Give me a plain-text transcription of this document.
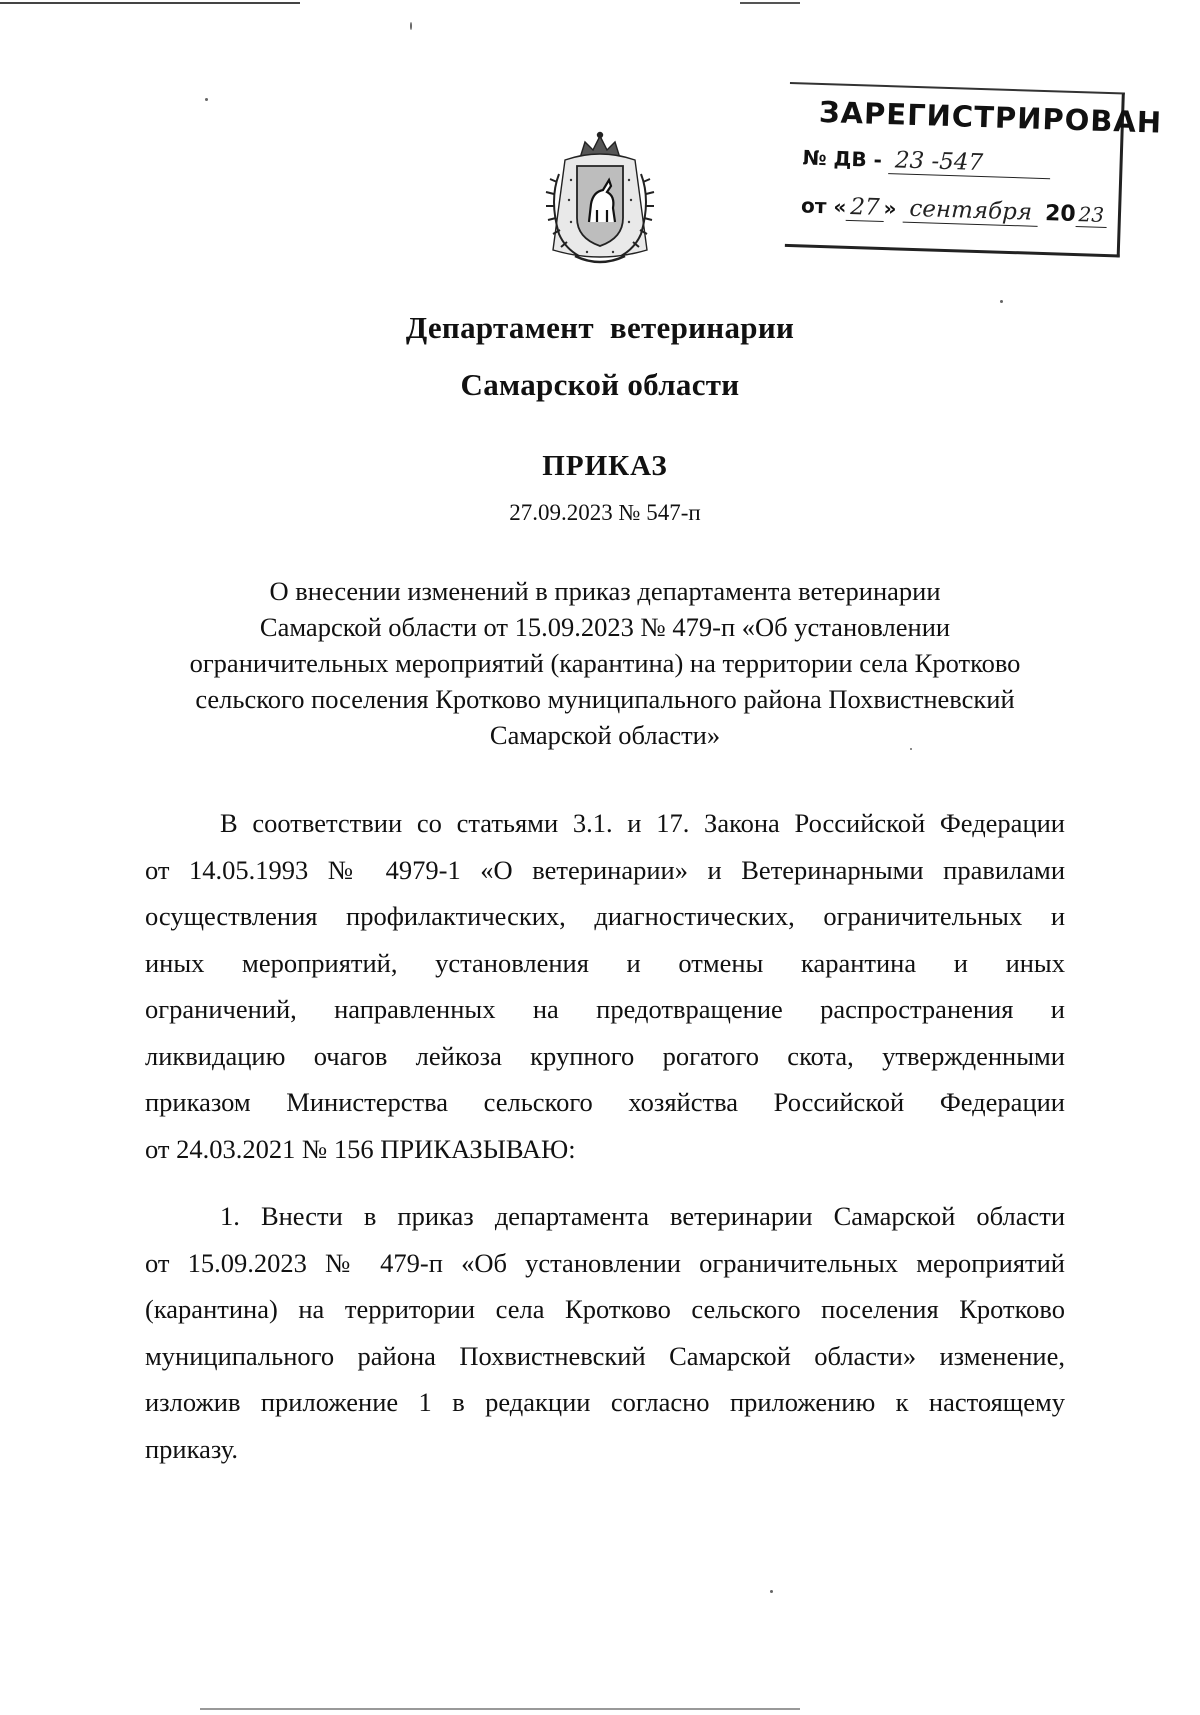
ЗАРЕГИСТРИРОВАН
№ ДВ - 23 -547
от « 27 » сентября 20 23
Департамент ветеринарии
Самарской области
ПРИКАЗ
27.09.2023 № 547-п
О внесении изменений в приказ департамента ветеринарии
Самарской области от 15.09.2023 № 479-п «Об установлении
ограничительных мероприятий (карантина) на территории села Кротково
сельского поселения Кротково муниципального района Похвистневский
Самарской области»
В соответствии со статьями 3.1. и 17. Закона Российской Федерации
от 14.05.1993 № 4979-1 «О ветеринарии» и Ветеринарными правилами
осуществления профилактических, диагностических, ограничительных и
иных мероприятий, установления и отмены карантина и иных
ограничений, направленных на предотвращение распространения и
ликвидацию очагов лейкоза крупного рогатого скота, утвержденными
приказом Министерства сельского хозяйства Российской Федерации
от 24.03.2021 № 156 ПРИКАЗЫВАЮ:
1. Внести в приказ департамента ветеринарии Самарской области
от 15.09.2023 № 479-п «Об установлении ограничительных мероприятий
(карантина) на территории села Кротково сельского поселения Кротково
муниципального района Похвистневский Самарской области» изменение,
изложив приложение 1 в редакции согласно приложению к настоящему
приказу.
